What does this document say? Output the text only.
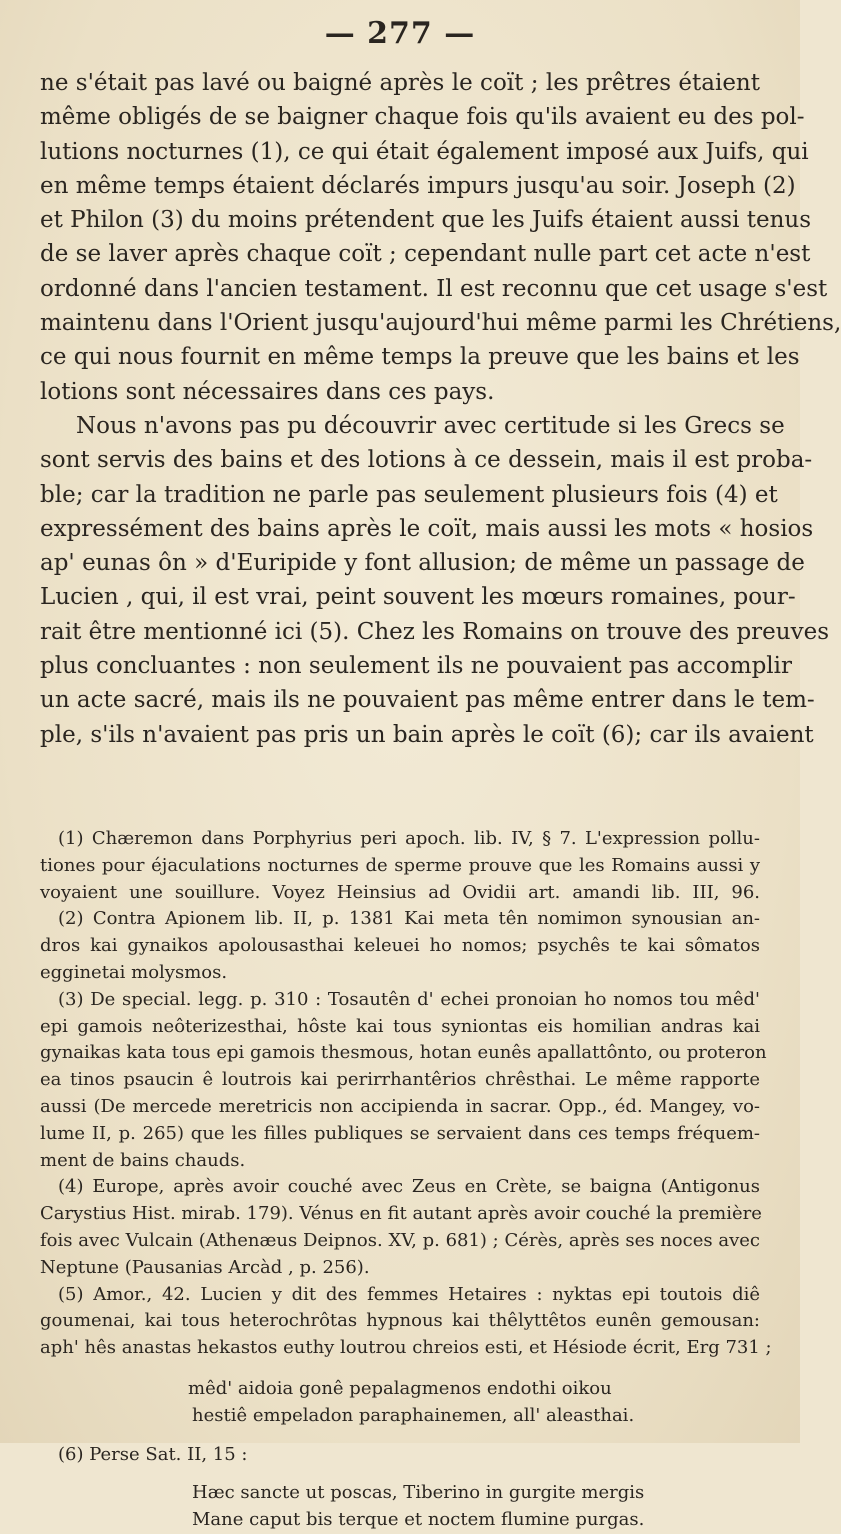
— 277 —
ne s'était pas lavé ou baigné après le coït ; les prêtres étaient
même obligés de se baigner chaque fois qu'ils avaient eu des pol-
lutions nocturnes (1), ce qui était également imposé aux Juifs, qui
en même temps étaient déclarés impurs jusqu'au soir. Joseph (2)
et Philon (3) du moins prétendent que les Juifs étaient aussi tenus
de se laver après chaque coït ; cependant nulle part cet acte n'est
ordonné dans l'ancien testament. Il est reconnu que cet usage s'est
maintenu dans l'Orient jusqu'aujourd'hui même parmi les Chrétiens,
ce qui nous fournit en même temps la preuve que les bains et les
lotions sont nécessaires dans ces pays.
Nous n'avons pas pu découvrir avec certitude si les Grecs se
sont servis des bains et des lotions à ce dessein, mais il est proba-
ble; car la tradition ne parle pas seulement plusieurs fois (4) et
expressément des bains après le coït, mais aussi les mots « hosios
ap' eunas ôn » d'Euripide y font allusion; de même un passage de
Lucien , qui, il est vrai, peint souvent les mœurs romaines, pour-
rait être mentionné ici (5). Chez les Romains on trouve des preuves
plus concluantes : non seulement ils ne pouvaient pas accomplir
un acte sacré, mais ils ne pouvaient pas même entrer dans le tem-
ple, s'ils n'avaient pas pris un bain après le coït (6); car ils avaient
(1) Chæremon dans Porphyrius peri apoch. lib. IV, § 7. L'expression pollu-
tiones pour éjaculations nocturnes de sperme prouve que les Romains aussi y
voyaient une souillure. Voyez Heinsius ad Ovidii art. amandi lib. III, 96.
(2) Contra Apionem lib. II, p. 1381 Kai meta tên nomimon synousian an-
dros kai gynaikos apolousasthai keleuei ho nomos; psychês te kai sômatos
egginetai molysmos.
(3) De special. legg. p. 310 : Tosautên d' echei pronoian ho nomos tou mêd'
epi gamois neôterizesthai, hôste kai tous syniontas eis homilian andras kai
gynaikas kata tous epi gamois thesmous, hotan eunês apallattônto, ou proteron
ea tinos psaucin ê loutrois kai perirrhantêrios chrêsthai. Le même rapporte
aussi (De mercede meretricis non accipienda in sacrar. Opp., éd. Mangey, vo-
lume II, p. 265) que les filles publiques se servaient dans ces temps fréquem-
ment de bains chauds.
(4) Europe, après avoir couché avec Zeus en Crète, se baigna (Antigonus
Carystius Hist. mirab. 179). Vénus en fit autant après avoir couché la première
fois avec Vulcain (Athenæus Deipnos. XV, p. 681) ; Cérès, après ses noces avec
Neptune (Pausanias Arcàd , p. 256).
(5) Amor., 42. Lucien y dit des femmes Hetaires : nyktas epi toutois diê
goumenai, kai tous heterochrôtas hypnous kai thêlyttêtos eunên gemousan:
aph' hês anastas hekastos euthy loutrou chreios esti, et Hésiode écrit, Erg 731 ;
mêd' aidoia gonê pepalagmenos endothi oikou
hestiê empeladon paraphainemen, all' aleasthai.
(6) Perse Sat. II, 15 :
Hæc sancte ut poscas, Tiberino in gurgite mergis
Mane caput bis terque et noctem flumine purgas.
